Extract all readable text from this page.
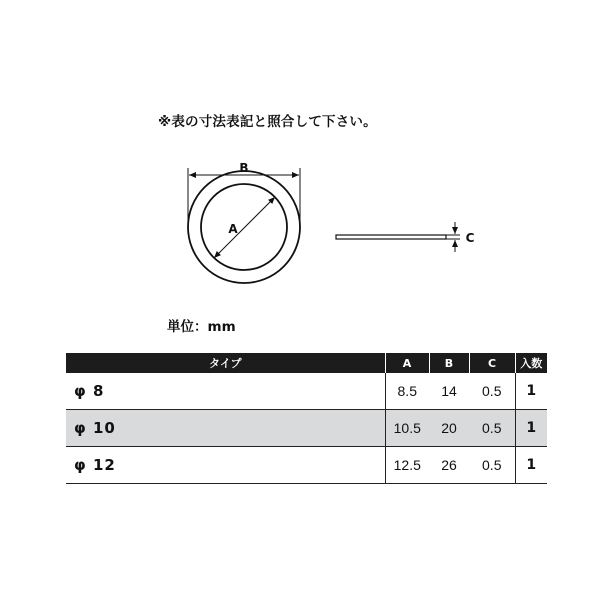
※表の寸法表記と照合して下さい。
B
A
C
単位：mm
タイプ	A	B	C	入数
φ 8	8.5	14	0.5	1
φ 10	10.5	20	0.5	1
φ 12	12.5	26	0.5	1
